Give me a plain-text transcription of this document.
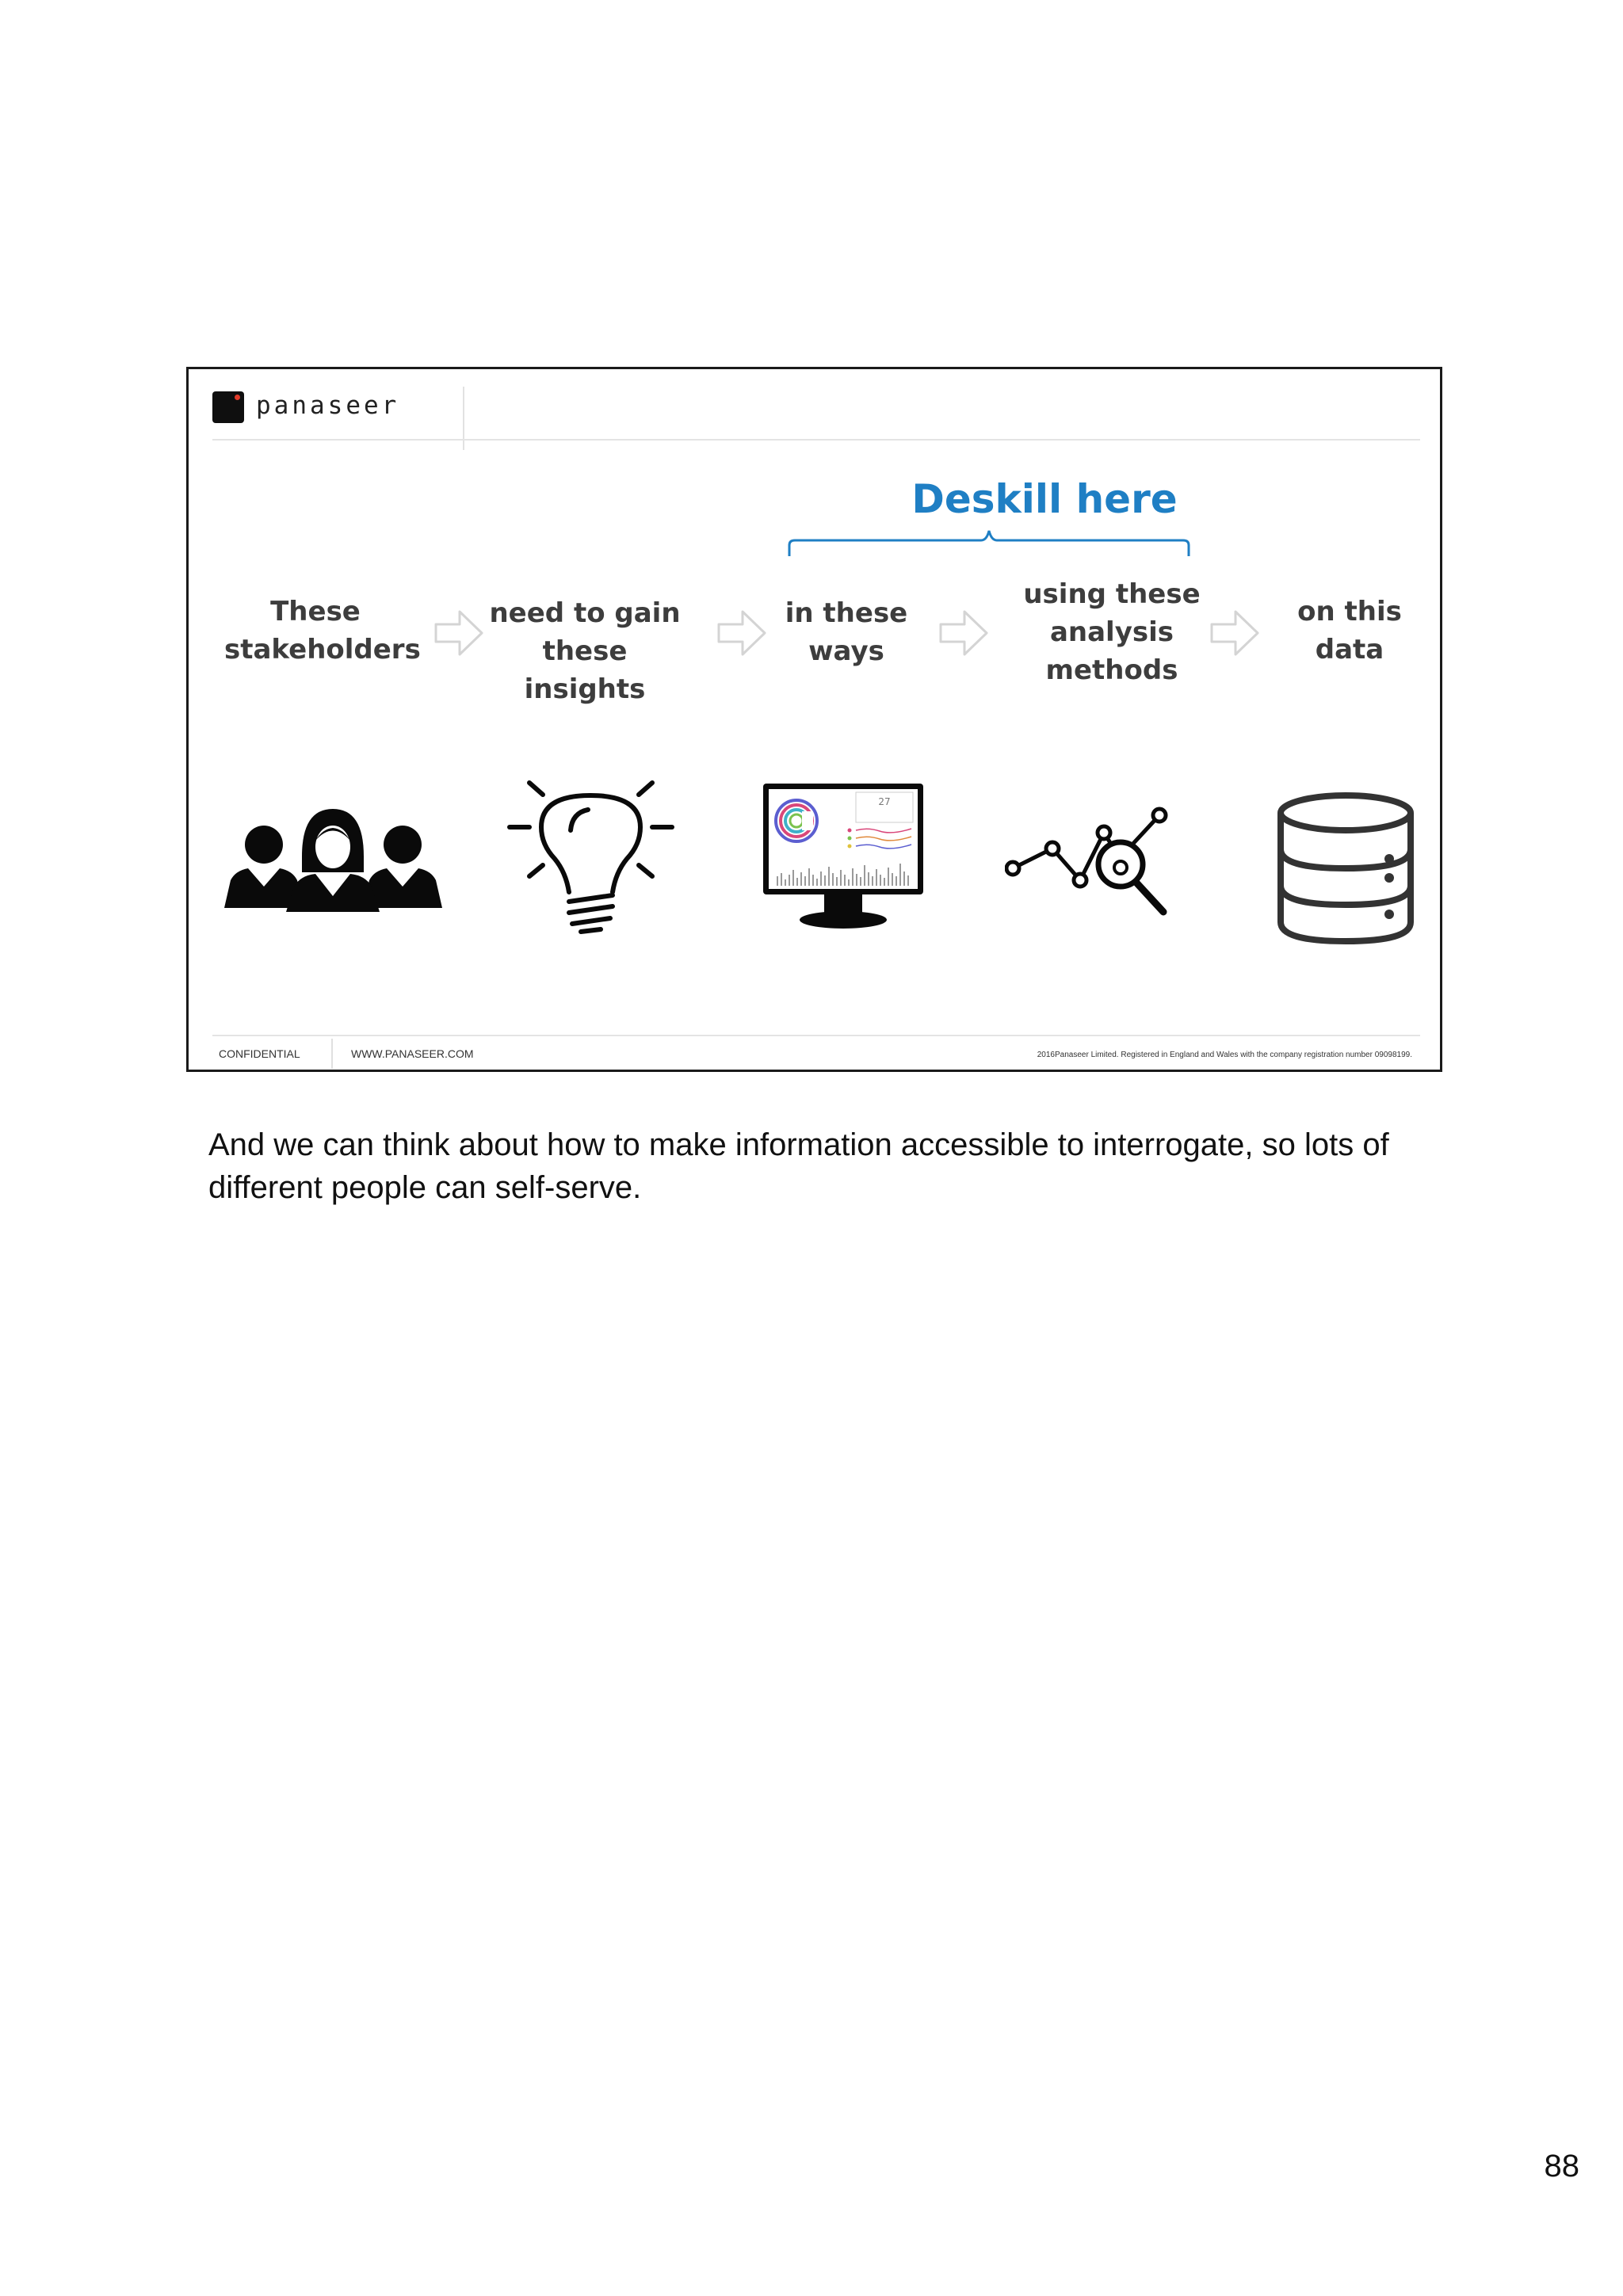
panaseer
Deskill here
These
stakeholders
need to gain
these insights
in these
ways
using these
analysis
methods
on this
data
27
CONFIDENTIAL	WWW.PANASEER.COM	2016Panaseer Limited. Registered in England and Wales with the company registration number 09098199.
And we can think about how to make information accessible to interrogate, so lots of different people can self-serve.
88
